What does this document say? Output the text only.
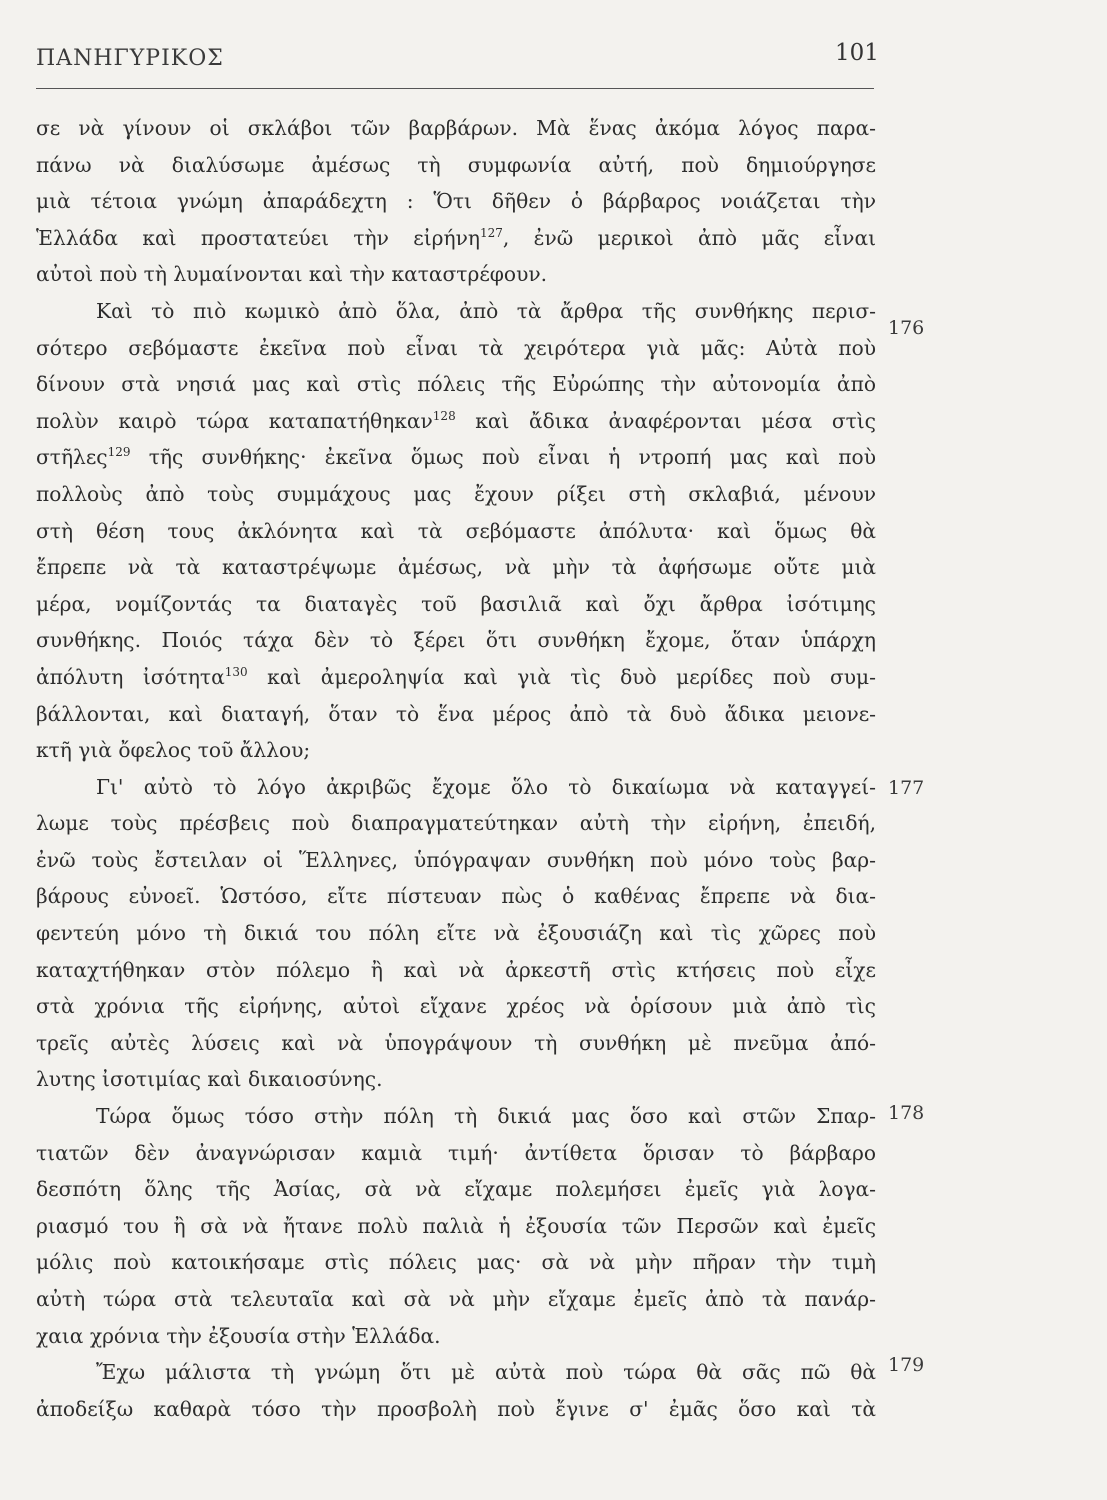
ΠΑΝΗΓΥΡΙΚΟΣ	101
σε νὰ γίνουν οἱ σκλάβοι τῶν βαρβάρων. Μὰ ἕνας ἀκόμα λόγος παρα-
πάνω νὰ διαλύσωμε ἀμέσως τὴ συμφωνία αὐτή, ποὺ δημιούργησε
μιὰ τέτοια γνώμη ἀπαράδεχτη : Ὅτι δῆθεν ὁ βάρβαρος νοιάζεται τὴν
Ἑλλάδα καὶ προστατεύει τὴν εἰρήνη$^{127}$, ἐνῶ μερικοὶ ἀπὸ μᾶς εἶναι
αὐτοὶ ποὺ τὴ λυμαίνονται καὶ τὴν καταστρέφουν.
Καὶ τὸ πιὸ κωμικὸ ἀπὸ ὅλα, ἀπὸ τὰ ἄρθρα τῆς συνθήκης περισ-
σότερο σεβόμαστε ἐκεῖνα ποὺ εἶναι τὰ χειρότερα γιὰ μᾶς: Αὐτὰ ποὺ
δίνουν στὰ νησιά μας καὶ στὶς πόλεις τῆς Εὐρώπης τὴν αὐτονομία ἀπὸ
πολὺν καιρὸ τώρα καταπατήθηκαν$^{128}$ καὶ ἄδικα ἀναφέρονται μέσα στὶς
στῆλες$^{129}$ τῆς συνθήκης· ἐκεῖνα ὅμως ποὺ εἶναι ἡ ντροπή μας καὶ ποὺ
πολλοὺς ἀπὸ τοὺς συμμάχους μας ἔχουν ρίξει στὴ σκλαβιά, μένουν
στὴ θέση τους ἀκλόνητα καὶ τὰ σεβόμαστε ἀπόλυτα· καὶ ὅμως θὰ
ἔπρεπε νὰ τὰ καταστρέψωμε ἀμέσως, νὰ μὴν τὰ ἀφήσωμε οὔτε μιὰ
μέρα, νομίζοντάς τα διαταγὲς τοῦ βασιλιᾶ καὶ ὄχι ἄρθρα ἰσότιμης
συνθήκης. Ποιός τάχα δὲν τὸ ξέρει ὅτι συνθήκη ἔχομε, ὅταν ὑπάρχη
ἀπόλυτη ἰσότητα$^{130}$ καὶ ἀμεροληψία καὶ γιὰ τὶς δυὸ μερίδες ποὺ συμ-
βάλλονται, καὶ διαταγή, ὅταν τὸ ἕνα μέρος ἀπὸ τὰ δυὸ ἄδικα μειονε-
κτῆ γιὰ ὄφελος τοῦ ἄλλου;
Γι' αὐτὸ τὸ λόγο ἀκριβῶς ἔχομε ὅλο τὸ δικαίωμα νὰ καταγγεί-
λωμε τοὺς πρέσβεις ποὺ διαπραγματεύτηκαν αὐτὴ τὴν εἰρήνη, ἐπειδή,
ἐνῶ τοὺς ἔστειλαν οἱ Ἕλληνες, ὑπόγραψαν συνθήκη ποὺ μόνο τοὺς βαρ-
βάρους εὐνοεῖ. Ὡστόσο, εἴτε πίστευαν πὼς ὁ καθένας ἔπρεπε νὰ δια-
φεντεύη μόνο τὴ δικιά του πόλη εἴτε νὰ ἐξουσιάζη καὶ τὶς χῶρες ποὺ
καταχτήθηκαν στὸν πόλεμο ἢ καὶ νὰ ἀρκεστῆ στὶς κτήσεις ποὺ εἶχε
στὰ χρόνια τῆς εἰρήνης, αὐτοὶ εἴχανε χρέος νὰ ὁρίσουν μιὰ ἀπὸ τὶς
τρεῖς αὐτὲς λύσεις καὶ νὰ ὑπογράψουν τὴ συνθήκη μὲ πνεῦμα ἀπό-
λυτης ἰσοτιμίας καὶ δικαιοσύνης.
Τώρα ὅμως τόσο στὴν πόλη τὴ δικιά μας ὅσο καὶ στῶν Σπαρ-
τιατῶν δὲν ἀναγνώρισαν καμιὰ τιμή· ἀντίθετα ὅρισαν τὸ βάρβαρο
δεσπότη ὅλης τῆς Ἀσίας, σὰ νὰ εἴχαμε πολεμήσει ἐμεῖς γιὰ λογα-
ριασμό του ἢ σὰ νὰ ἤτανε πολὺ παλιὰ ἡ ἐξουσία τῶν Περσῶν καὶ ἐμεῖς
μόλις ποὺ κατοικήσαμε στὶς πόλεις μας· σὰ νὰ μὴν πῆραν τὴν τιμὴ
αὐτὴ τώρα στὰ τελευταῖα καὶ σὰ νὰ μὴν εἴχαμε ἐμεῖς ἀπὸ τὰ πανάρ-
χαια χρόνια τὴν ἐξουσία στὴν Ἑλλάδα.
Ἔχω μάλιστα τὴ γνώμη ὅτι μὲ αὐτὰ ποὺ τώρα θὰ σᾶς πῶ θὰ
ἀποδείξω καθαρὰ τόσο τὴν προσβολὴ ποὺ ἔγινε σ' ἐμᾶς ὅσο καὶ τὰ
176
177
178
179
